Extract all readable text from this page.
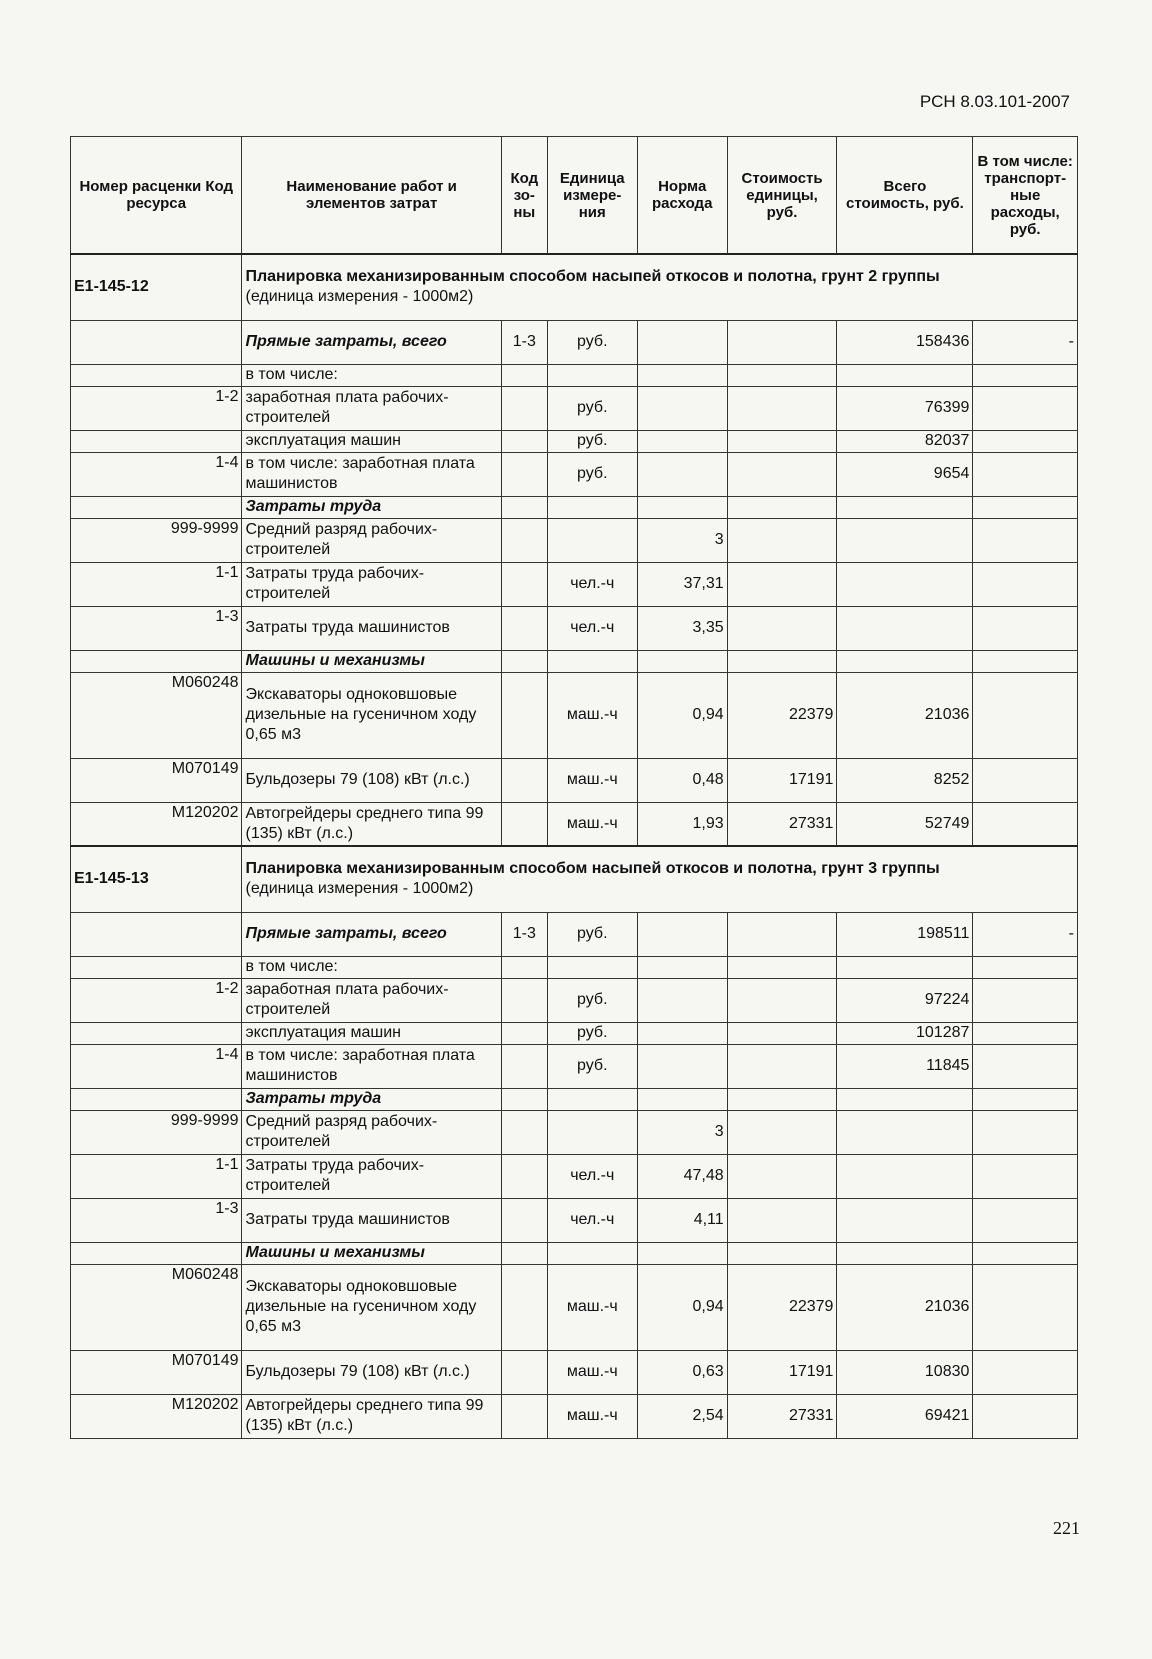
РСН 8.03.101-2007
Номер расценки Код ресурса	Наименование работ и элементов затрат	Код зо-ны	Единица измере-ния	Норма расхода	Стоимость единицы, руб.	Всего стоимость, руб.	В том числе: транспорт-ные расходы, руб.
Е1-145-12	Планировка механизированным способом насыпей откосов и полотна, грунт 2 группы
(единица измерения - 1000м2)						

	Прямые затраты, всего	1-3	руб.			158436	-
	в том числе:						
1-2	заработная плата рабочих-строителей		руб.			76399	
	эксплуатация машин		руб.			82037	
1-4	в том числе: заработная плата машинистов		руб.			9654	
	Затраты труда						
999-9999	Средний разряд рабочих-строителей			3			
1-1	Затраты труда рабочих-строителей		чел.-ч	37,31			
1-3	Затраты труда машинистов		чел.-ч	3,35			
	Машины и механизмы						
М060248	Экскаваторы одноковшовые дизельные на гусеничном ходу 0,65 м3		маш.-ч	0,94	22379	21036	
М070149	Бульдозеры 79 (108) кВт (л.с.)		маш.-ч	0,48	17191	8252	
М120202	Автогрейдеры среднего типа 99 (135) кВт (л.с.)		маш.-ч	1,93	27331	52749	
Е1-145-13	Планировка механизированным способом насыпей откосов и полотна, грунт 3 группы
(единица измерения - 1000м2)						

	Прямые затраты, всего	1-3	руб.			198511	-
	в том числе:						
1-2	заработная плата рабочих-строителей		руб.			97224	
	эксплуатация машин		руб.			101287	
1-4	в том числе: заработная плата машинистов		руб.			11845	
	Затраты труда						
999-9999	Средний разряд рабочих-строителей			3			
1-1	Затраты труда рабочих-строителей		чел.-ч	47,48			
1-3	Затраты труда машинистов		чел.-ч	4,11			
	Машины и механизмы						
М060248	Экскаваторы одноковшовые дизельные на гусеничном ходу 0,65 м3		маш.-ч	0,94	22379	21036	
М070149	Бульдозеры 79 (108) кВт (л.с.)		маш.-ч	0,63	17191	10830	
М120202	Автогрейдеры среднего типа 99 (135) кВт (л.с.)		маш.-ч	2,54	27331	69421	
221
